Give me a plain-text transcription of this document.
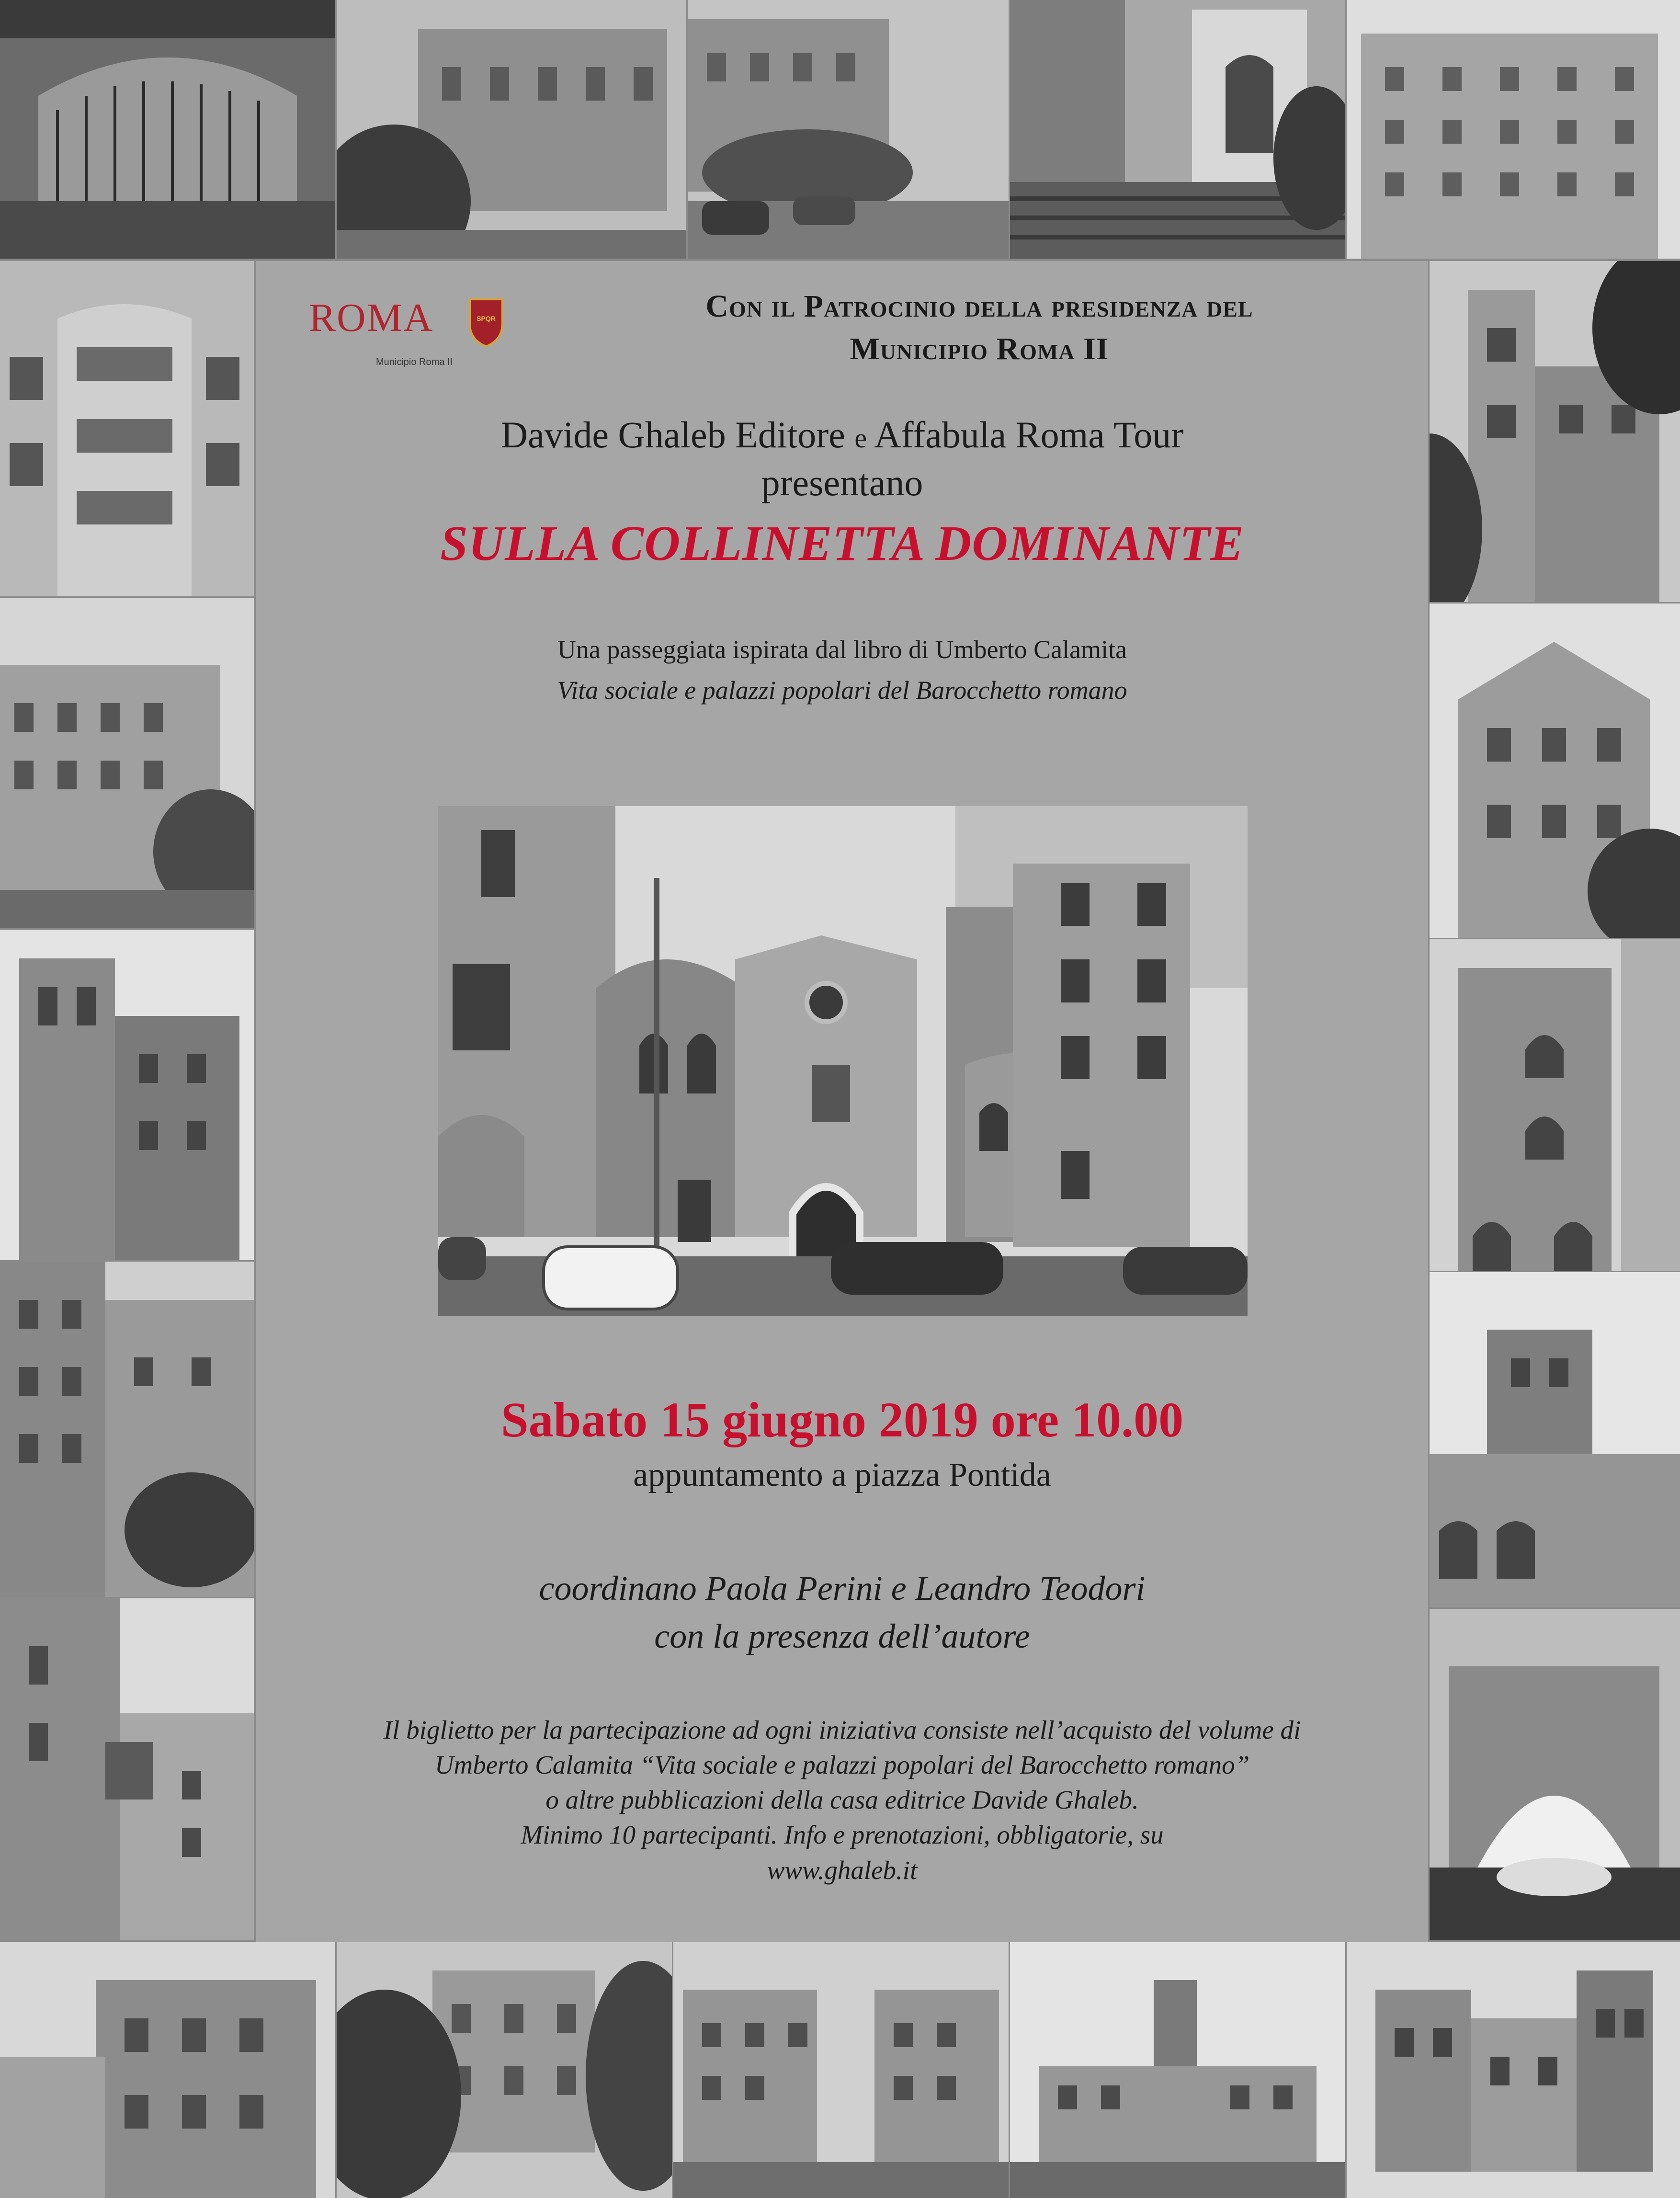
ROMA	SPQR
Municipio Roma II
Con il Patrocinio della presidenza del
Municipio Roma II
Davide Ghaleb Editore e Affabula Roma Tour
presentano
SULLA COLLINETTA DOMINANTE
Una passeggiata ispirata dal libro di Umberto Calamita
Vita sociale e palazzi popolari del Barocchetto romano
Sabato 15 giugno 2019 ore 10.00
appuntamento a piazza Pontida
coordinano Paola Perini e Leandro Teodori
con la presenza dell’autore
Il biglietto per la partecipazione ad ogni iniziativa consiste nell’acquisto del volume di
Umberto Calamita “Vita sociale e palazzi popolari del Barocchetto romano”
o altre pubblicazioni della casa editrice Davide Ghaleb.
Minimo 10 partecipanti. Info e prenotazioni, obbligatorie, su
www.ghaleb.it
